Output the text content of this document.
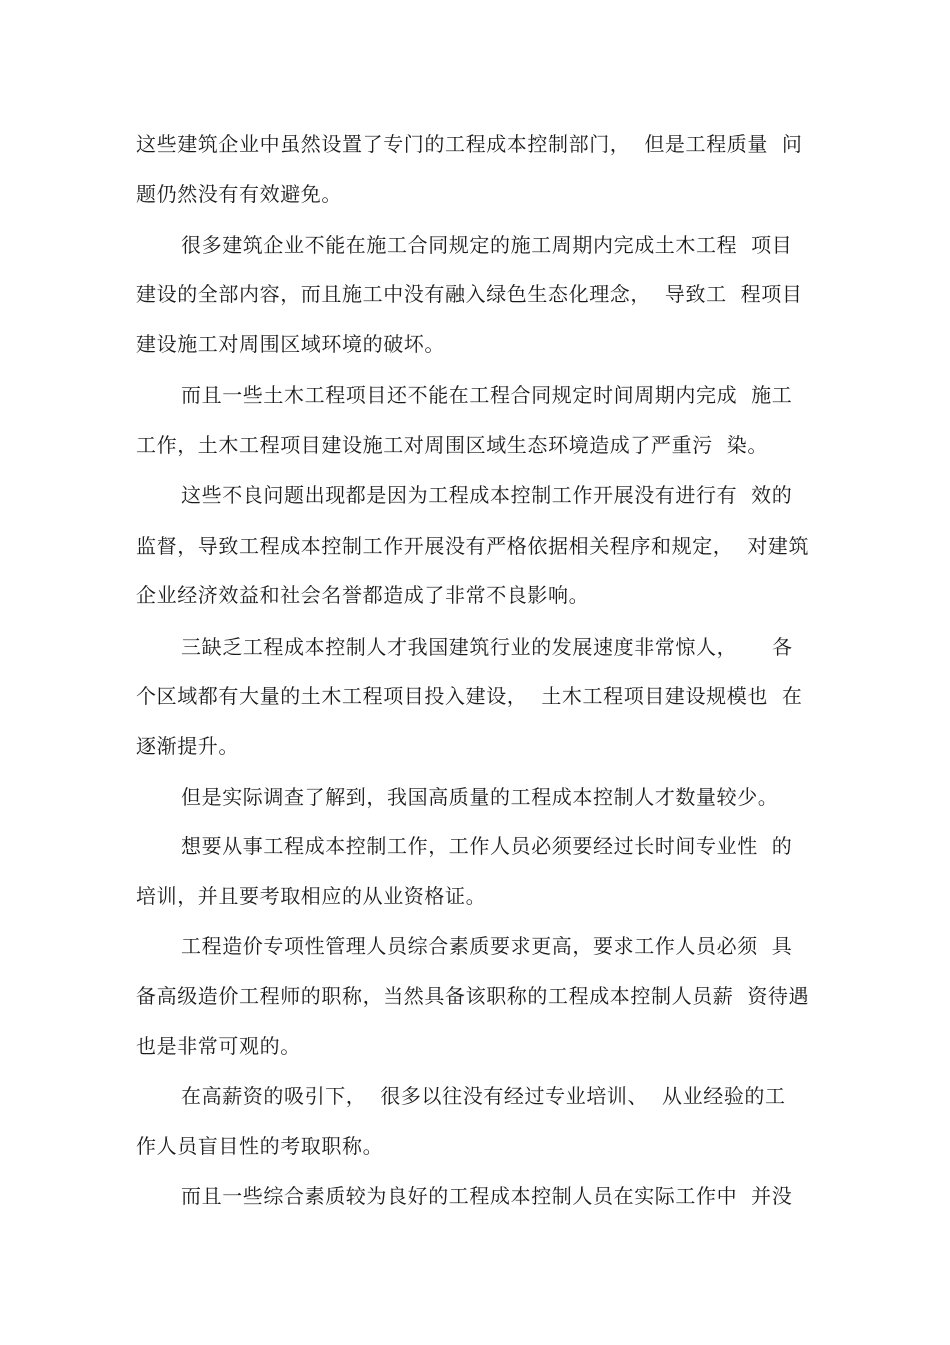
这些建筑企业中虽然设置了专门的工程成本控制部门，  但是工程质量  问
题仍然没有有效避免。
很多建筑企业不能在施工合同规定的施工周期内完成土木工程  项目
建设的全部内容，而且施工中没有融入绿色生态化理念，  导致工  程项目
建设施工对周围区域环境的破坏。
而且一些土木工程项目还不能在工程合同规定时间周期内完成  施工
工作，土木工程项目建设施工对周围区域生态环境造成了严重污  染。
这些不良问题出现都是因为工程成本控制工作开展没有进行有  效的
监督，导致工程成本控制工作开展没有严格依据相关程序和规定，  对建筑
企业经济效益和社会名誉都造成了非常不良影响。
三缺乏工程成本控制人才我国建筑行业的发展速度非常惊人，     各
个区域都有大量的土木工程项目投入建设，  土木工程项目建设规模也  在
逐渐提升。
但是实际调查了解到，我国高质量的工程成本控制人才数量较少。
想要从事工程成本控制工作，工作人员必须要经过长时间专业性  的
培训，并且要考取相应的从业资格证。
工程造价专项性管理人员综合素质要求更高，要求工作人员必须  具
备高级造价工程师的职称，当然具备该职称的工程成本控制人员薪  资待遇
也是非常可观的。
在高薪资的吸引下，  很多以往没有经过专业培训、  从业经验的工
作人员盲目性的考取职称。
而且一些综合素质较为良好的工程成本控制人员在实际工作中  并没
